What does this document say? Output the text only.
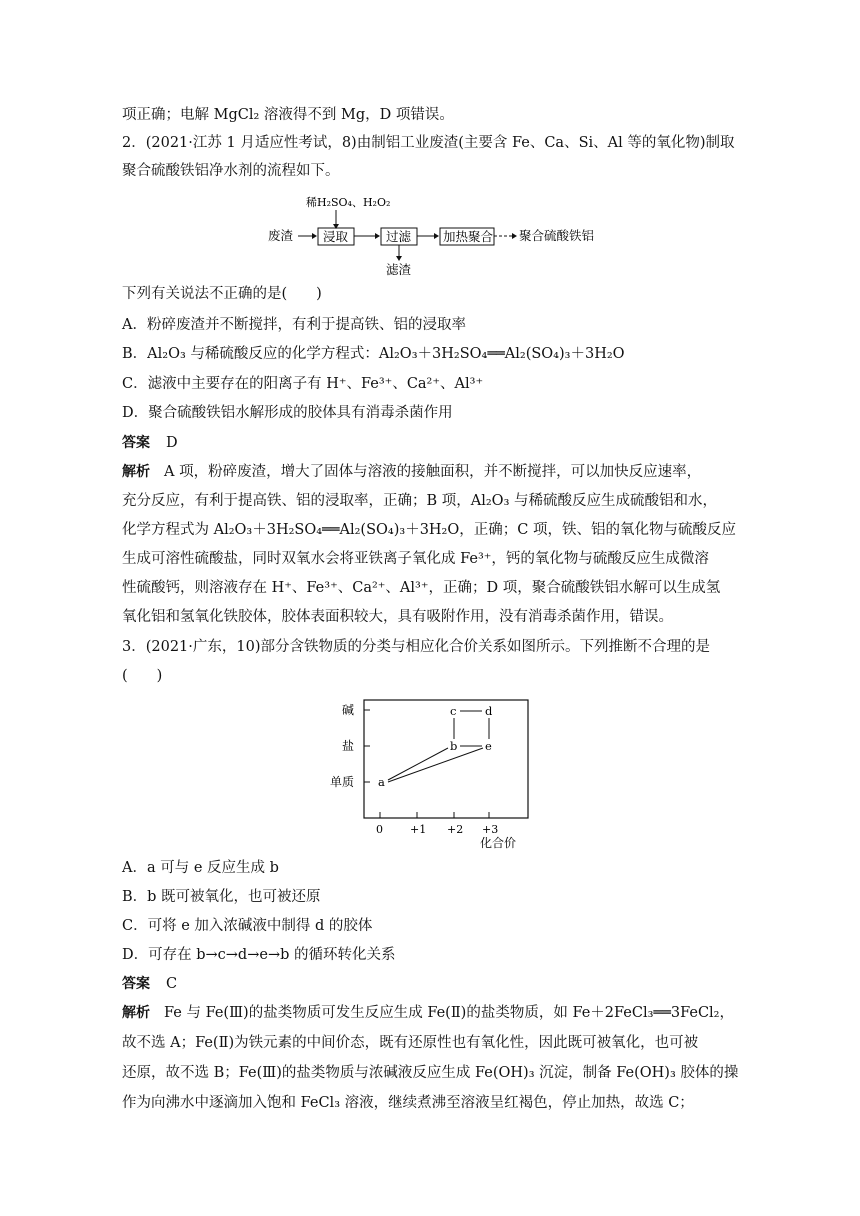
项正确；电解 MgCl₂ 溶液得不到 Mg，D 项错误。
2．(2021·江苏 1 月适应性考试，8)由制铝工业废渣(主要含 Fe、Ca、Si、Al 等的氧化物)制取
聚合硫酸铁铝净水剂的流程如下。
稀H₂SO₄、H₂O₂
废渣 浸取	过滤
滤渣
加热聚合 聚合硫酸铁铝
下列有关说法不正确的是(　　)
A．粉碎废渣并不断搅拌，有利于提高铁、铝的浸取率
B．Al₂O₃ 与稀硫酸反应的化学方程式：Al₂O₃＋3H₂SO₄══Al₂(SO₄)₃＋3H₂O
C．滤液中主要存在的阳离子有 H⁺、Fe³⁺、Ca²⁺、Al³⁺
D．聚合硫酸铁铝水解形成的胶体具有消毒杀菌作用
答案 D
解析 A 项，粉碎废渣，增大了固体与溶液的接触面积，并不断搅拌，可以加快反应速率，
充分反应，有利于提高铁、铝的浸取率，正确；B 项，Al₂O₃ 与稀硫酸反应生成硫酸铝和水，
化学方程式为 Al₂O₃＋3H₂SO₄══Al₂(SO₄)₃＋3H₂O，正确；C 项，铁、铝的氧化物与硫酸反应
生成可溶性硫酸盐，同时双氧水会将亚铁离子氧化成 Fe³⁺，钙的氧化物与硫酸反应生成微溶
性硫酸钙，则溶液存在 H⁺、Fe³⁺、Ca²⁺、Al³⁺，正确；D 项，聚合硫酸铁铝水解可以生成氢
氧化铝和氢氧化铁胶体，胶体表面积较大，具有吸附作用，没有消毒杀菌作用，错误。
3．(2021·广东，10)部分含铁物质的分类与相应化合价关系如图所示。下列推断不合理的是
(　　)
碱
盐
单质
0 +1 +2 +3
化合价
c d
b e
a
A．a 可与 e 反应生成 b
B．b 既可被氧化，也可被还原
C．可将 e 加入浓碱液中制得 d 的胶体
D．可存在 b→c→d→e→b 的循环转化关系
答案 C
解析 Fe 与 Fe(Ⅲ)的盐类物质可发生反应生成 Fe(Ⅱ)的盐类物质，如 Fe＋2FeCl₃══3FeCl₂，
故不选 A；Fe(Ⅱ)为铁元素的中间价态，既有还原性也有氧化性，因此既可被氧化，也可被
还原，故不选 B；Fe(Ⅲ)的盐类物质与浓碱液反应生成 Fe(OH)₃ 沉淀，制备 Fe(OH)₃ 胶体的操
作为向沸水中逐滴加入饱和 FeCl₃ 溶液，继续煮沸至溶液呈红褐色，停止加热，故选 C；
